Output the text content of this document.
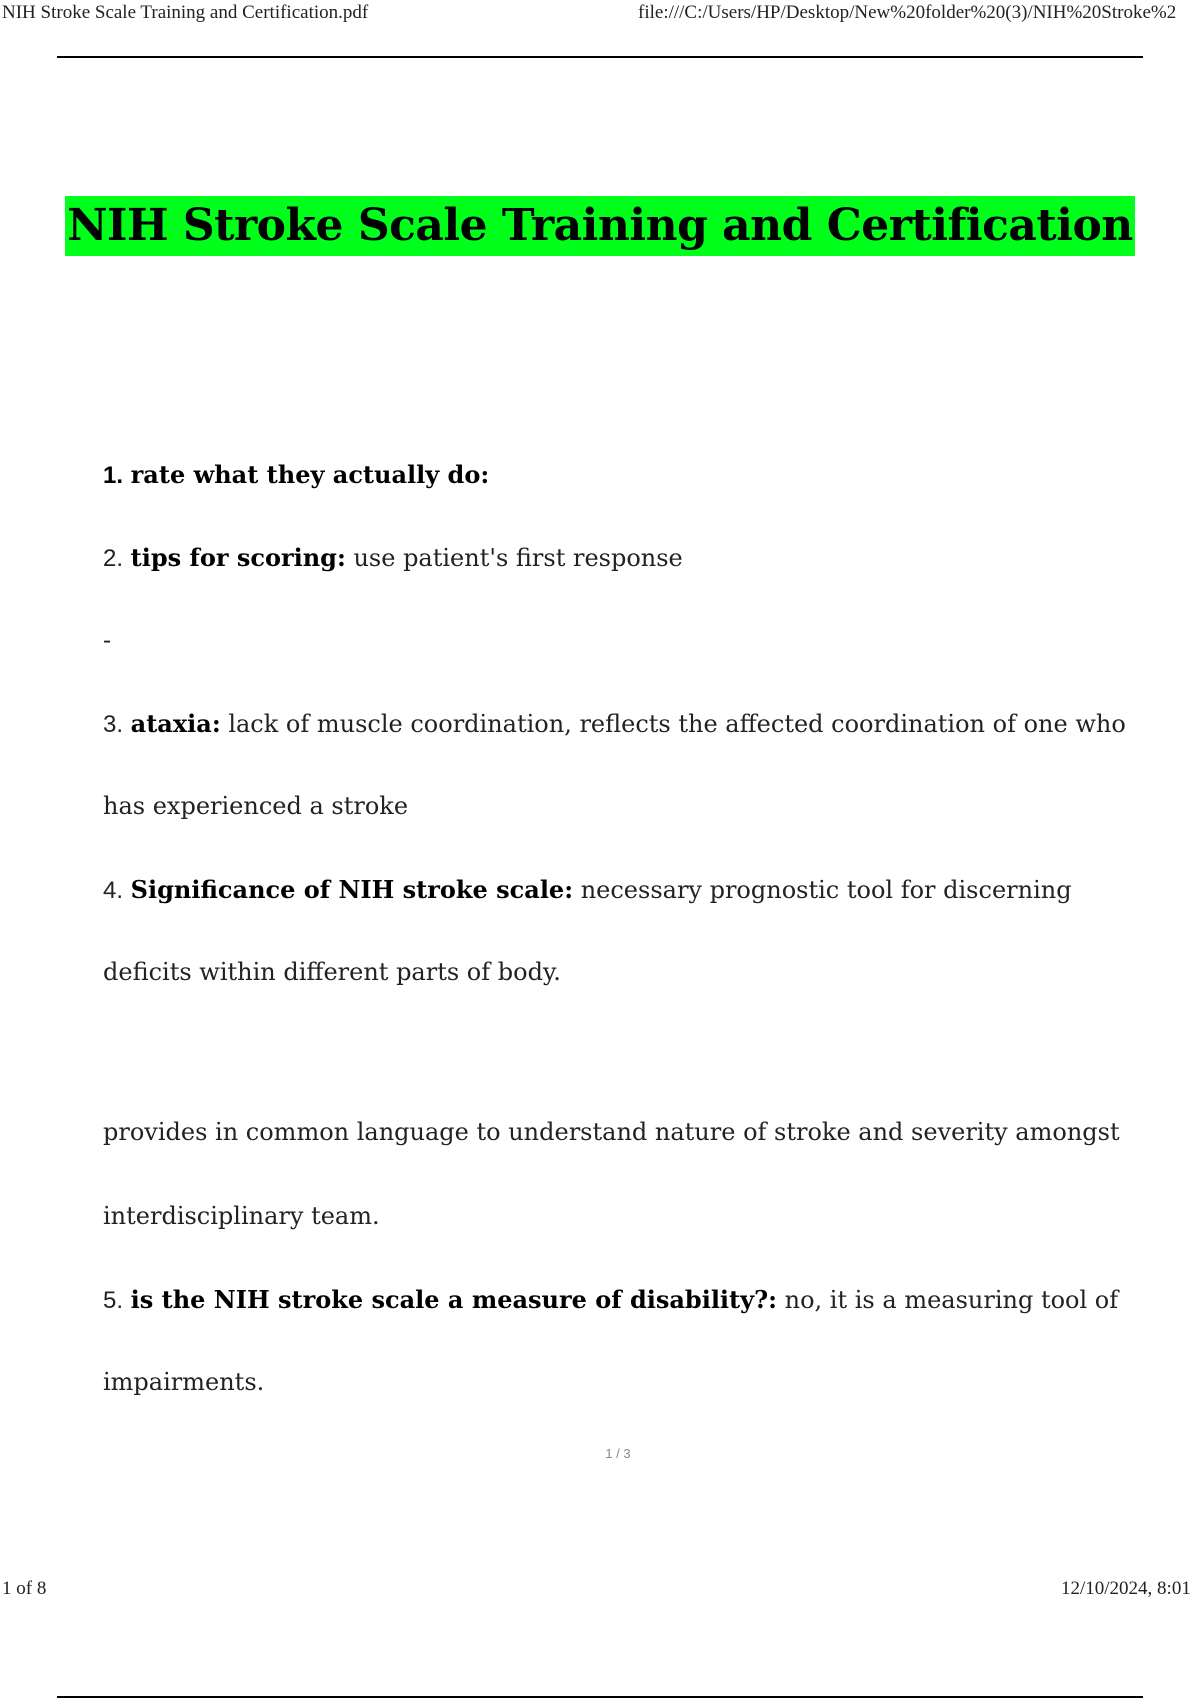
NIH Stroke Scale Training and Certification.pdf	file:///C:/Users/HP/Desktop/New%20folder%20(3)/NIH%20Stroke%2
NIH Stroke Scale Training and Certification
1. rate what they actually do:
2. tips for scoring: use patient's first response
-
3. ataxia: lack of muscle coordination, reflects the affected coordination of one who
has experienced a stroke
4. Significance of NIH stroke scale: necessary prognostic tool for discerning
deficits within different parts of body.
provides in common language to understand nature of stroke and severity amongst
interdisciplinary team.
5. is the NIH stroke scale a measure of disability?: no, it is a measuring tool of
impairments.
1 / 3
1 of 8	12/10/2024, 8:01
